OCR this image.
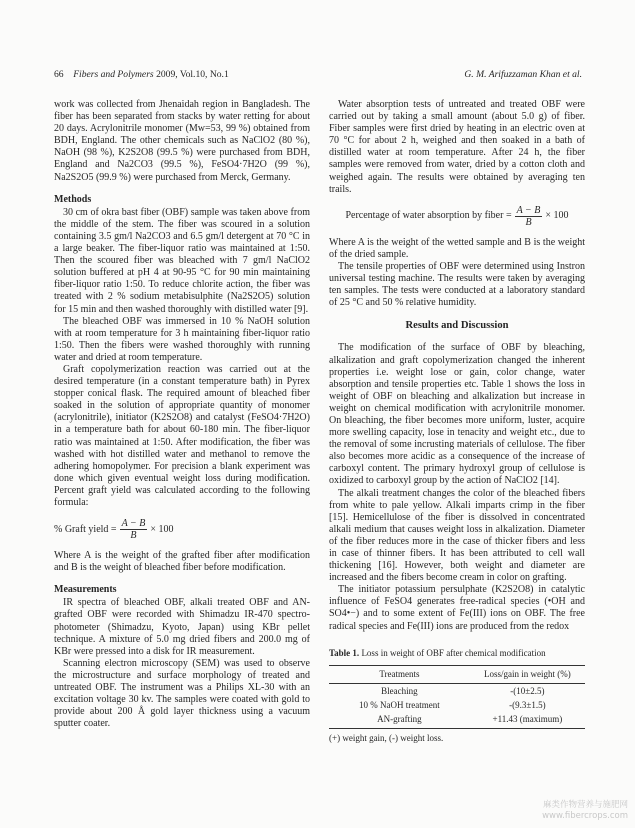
66 Fibers and Polymers 2009, Vol.10, No.1	G. M. Arifuzzaman Khan et al.

work was collected from Jhenaidah region in Bangladesh. The fiber has been separated from stacks by water retting for about 20 days. Acrylonitrile monomer (Mw=53, 99 %) obtained from BDH, England. The other chemicals such as NaClO2 (80 %), NaOH (98 %), K2S2O8 (99.5 %) were purchased from BDH, England and Na2CO3 (99.5 %), FeSO4·7H2O (99 %), Na2S2O5 (99.9 %) were purchased from Merck, Germany.

Methods

30 cm of okra bast fiber (OBF) sample was taken above from the middle of the stem. The fiber was scoured in a solution containing 3.5 gm/l Na2CO3 and 6.5 gm/l detergent at 70 °C in a large beaker. The fiber-liquor ratio was maintained at 1:50. Then the scoured fiber was bleached with 7 gm/l NaClO2 solution buffered at pH 4 at 90-95 °C for 90 min maintaining fiber-liquor ratio 1:50. To reduce chlorite action, the fiber was treated with 2 % sodium metabisulphite (Na2S2O5) solution for 15 min and then washed thoroughly with distilled water [9].

The bleached OBF was immersed in 10 % NaOH solution with at room temperature for 3 h maintaining fiber-liquor ratio 1:50. Then the fibers were washed thoroughly with running water and dried at room temperature.

Graft copolymerization reaction was carried out at the desired temperature (in a constant temperature bath) in Pyrex stopper conical flask. The required amount of bleached fiber soaked in the solution of appropriate quantity of monomer (acrylonitrile), initiator (K2S2O8) and catalyst (FeSO4·7H2O) in a temperature bath for about 60-180 min. The fiber-liquor ratio was maintained at 1:50. After modification, the fiber was washed with hot distilled water and methanol to remove the adhering homopolymer. For precision a blank experiment was done which given eventual weight loss during modification. Percent graft yield was calculated according to the following formula:

% Graft yield = $\frac{A - B}{B} \times 100$

Where A is the weight of the grafted fiber after modification and B is the weight of bleached fiber before modification.

Measurements

IR spectra of bleached OBF, alkali treated OBF and AN-grafted OBF were recorded with Shimadzu IR-470 spectro-photometer (Shimadzu, Kyoto, Japan) using KBr pellet technique. A mixture of 5.0 mg dried fibers and 200.0 mg of KBr were pressed into a disk for IR measurement.

Scanning electron microscopy (SEM) was used to observe the microstructure and surface morphology of treated and untreated OBF. The instrument was a Philips XL-30 with an excitation voltage 30 kv. The samples were coated with gold to provide about 200 Å gold layer thickness using a vacuum sputter coater.

Water absorption tests of untreated and treated OBF were carried out by taking a small amount (about 5.0 g) of fiber. Fiber samples were first dried by heating in an electric oven at 70 °C for about 2 h, weighed and then soaked in a bath of distilled water at room temperature. After 24 h, the fiber samples were removed from water, dried by a cotton cloth and weighed again. The results were obtained by averaging ten trails.

Percentage of water absorption by fiber = $\frac{A - B}{B} \times 100$

Where A is the weight of the wetted sample and B is the weight of the dried sample.

The tensile properties of OBF were determined using Instron universal testing machine. The results were taken by averaging ten samples. The tests were conducted at a laboratory standard of 25 °C and 50 % relative humidity.

Results and Discussion

The modification of the surface of OBF by bleaching, alkalization and graft copolymerization changed the inherent properties i.e. weight lose or gain, color change, water absorption and tensile properties etc. Table 1 shows the loss in weight of OBF on bleaching and alkalization but increase in weight on chemical modification with acrylonitrile monomer. On bleaching, the fiber becomes more uniform, luster, acquire more swelling capacity, lose in tenacity and weight etc., due to the removal of some incrusting materials of cellulose. The fiber also becomes more acidic as a consequence of the increase of carboxyl content. The primary hydroxyl group of cellulose is oxidized to carboxyl group by the action of NaClO2 [14].

The alkali treatment changes the color of the bleached fibers from white to pale yellow. Alkali imparts crimp in the fiber [15]. Hemicellulose of the fiber is dissolved in concentrated alkali medium that causes weight loss in alkalization. Diameter of the fiber reduces more in the case of thicker fibers and less in case of thinner fibers. It has been attributed to cell wall thickening [16]. However, both weight and diameter are increased and the fibers become cream in color on grafting.

The initiator potassium persulphate (K2S2O8) in catalytic influence of FeSO4 generates free-radical species (•OH and SO4•−) and to some extent of Fe(III) ions on OBF. The free radical species and Fe(III) ions are produced from the redox

Table 1. Loss in weight of OBF after chemical modification
Treatments	Loss/gain in weight (%)
Bleaching	-(10±2.5)
10 % NaOH treatment	-(9.3±1.5)
AN-grafting	+11.43 (maximum)
(+) weight gain, (-) weight loss.
麻类作物营养与施肥网
www.fibercrops.com
